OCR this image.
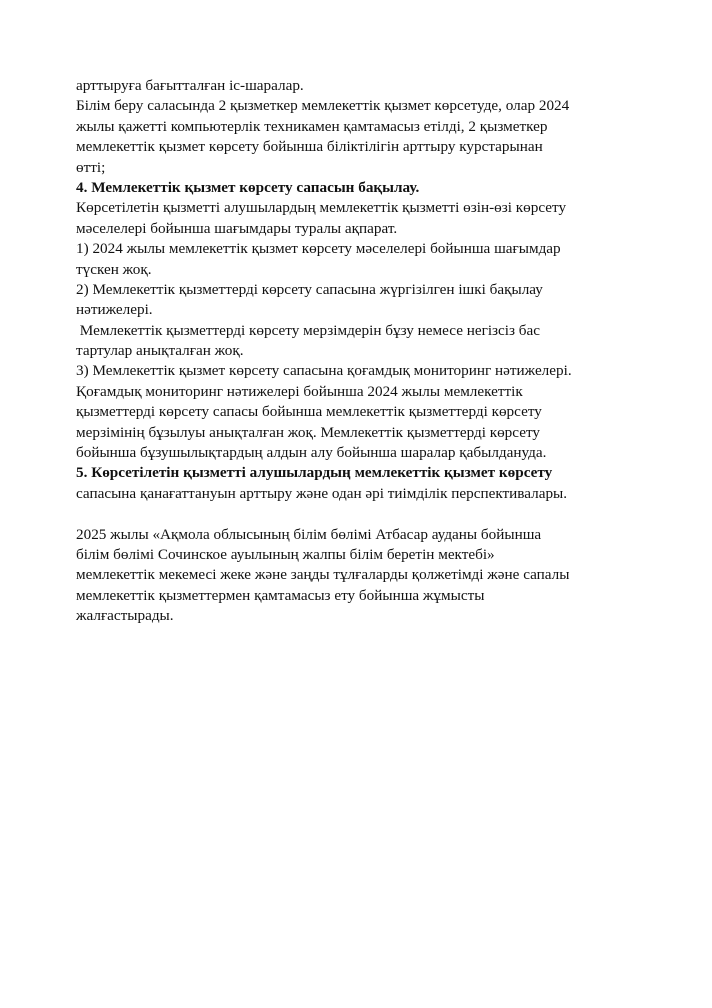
арттыруға бағытталған іс-шаралар.
Білім беру саласында 2 қызметкер мемлекеттік қызмет көрсетуде, олар 2024
жылы қажетті компьютерлік техникамен қамтамасыз етілді, 2 қызметкер
мемлекеттік қызмет көрсету бойынша біліктілігін арттыру курстарынан
өтті;
4. Мемлекеттік қызмет көрсету сапасын бақылау.
Көрсетілетін қызметті алушылардың мемлекеттік қызметті өзін-өзі көрсету
мәселелері бойынша шағымдары туралы ақпарат.
1) 2024 жылы мемлекеттік қызмет көрсету мәселелері бойынша шағымдар
түскен жоқ.
2) Мемлекеттік қызметтерді көрсету сапасына жүргізілген ішкі бақылау
нәтижелері.
Мемлекеттік қызметтерді көрсету мерзімдерін бұзу немесе негізсіз бас
тартулар анықталған жоқ.
3) Мемлекеттік қызмет көрсету сапасына қоғамдық мониторинг нәтижелері.
Қоғамдық мониторинг нәтижелері бойынша 2024 жылы мемлекеттік
қызметтерді көрсету сапасы бойынша мемлекеттік қызметтерді көрсету
мерзімінің бұзылуы анықталған жоқ. Мемлекеттік қызметтерді көрсету
бойынша бұзушылықтардың алдын алу бойынша шаралар қабылдануда.
5. Көрсетілетін қызметті алушылардың мемлекеттік қызмет көрсету
сапасына қанағаттануын арттыру және одан әрі тиімділік перспективалары.
2025 жылы «Ақмола облысының білім бөлімі Атбасар ауданы бойынша
білім бөлімі Сочинское ауылының жалпы білім беретін мектебі»
мемлекеттік мекемесі жеке және заңды тұлғаларды қолжетімді және сапалы
мемлекеттік қызметтермен қамтамасыз ету бойынша жұмысты
жалғастырады.
